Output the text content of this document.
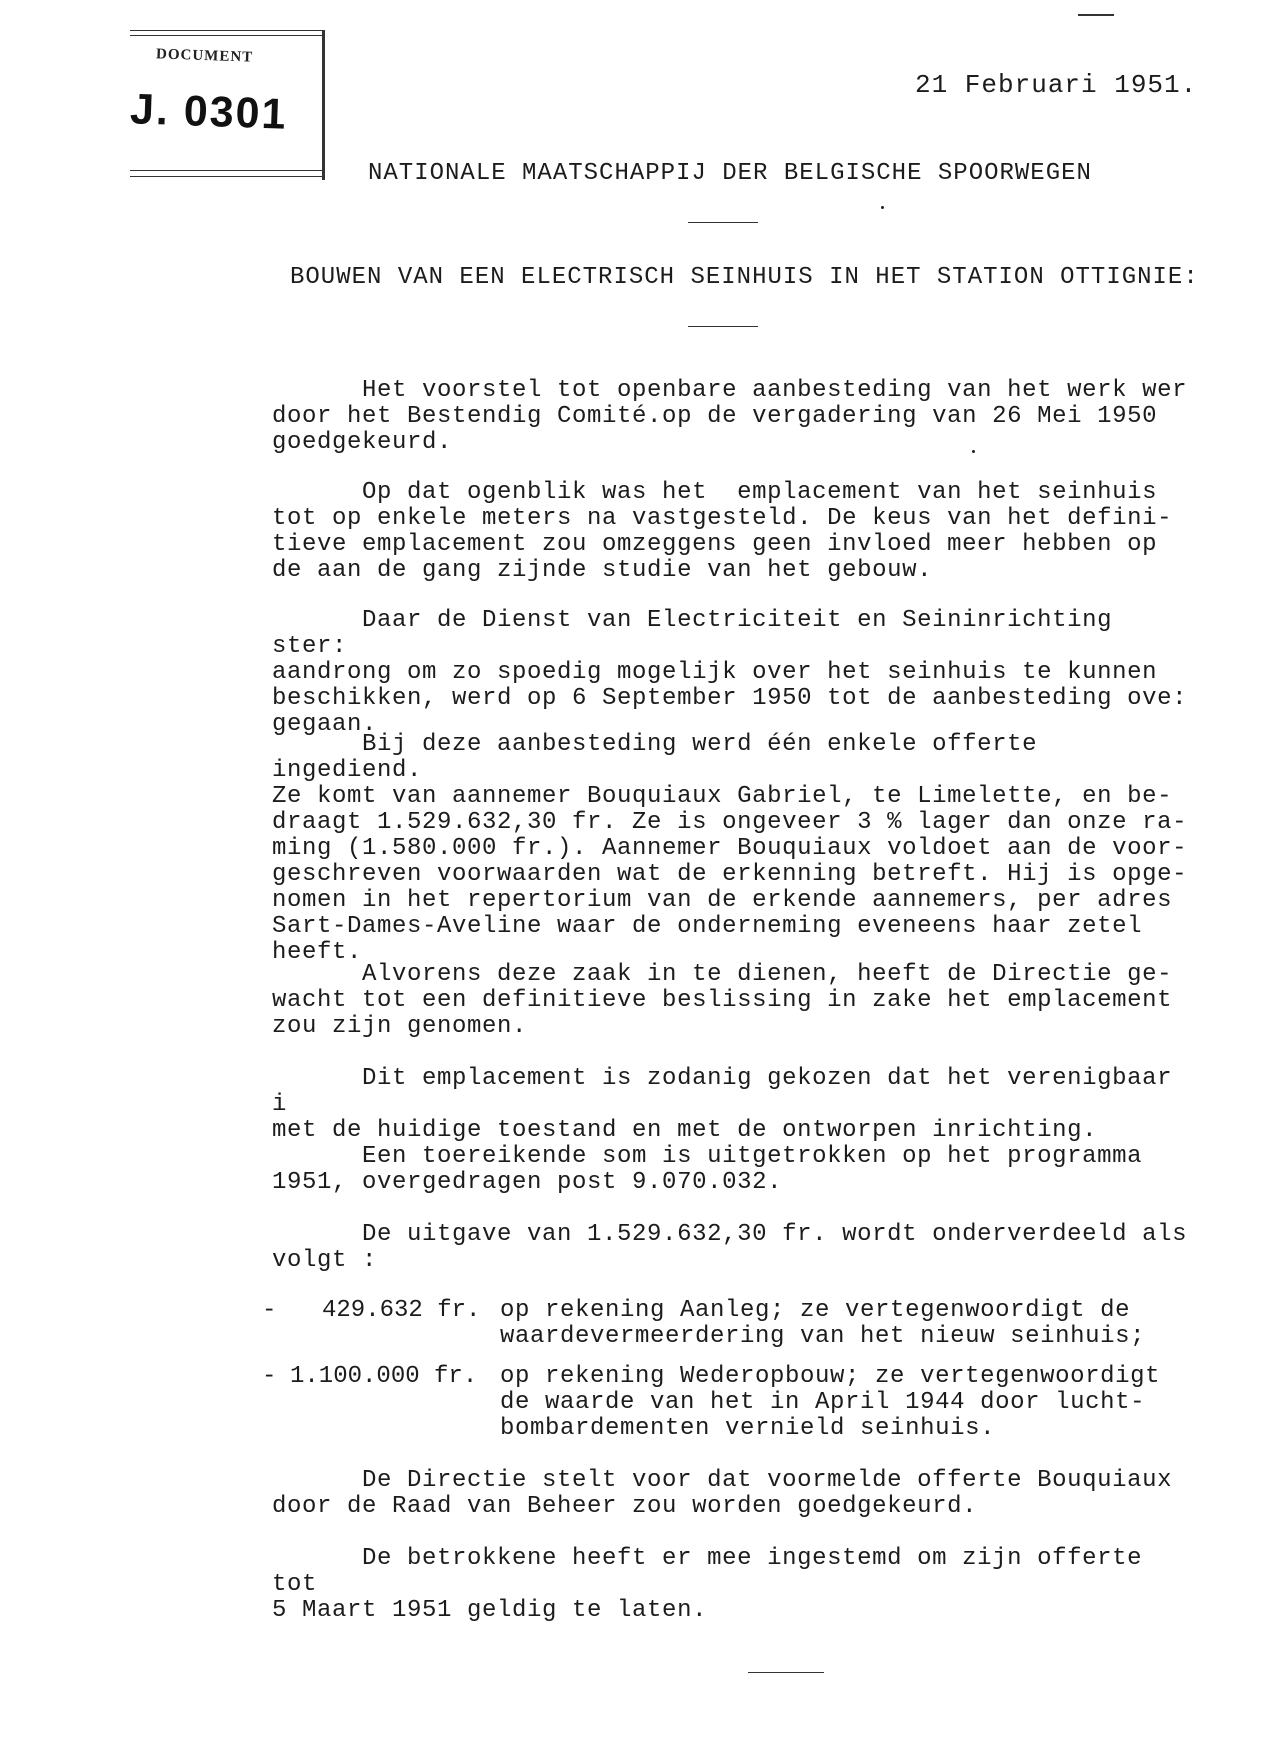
DOCUMENT
J. 0301
21 Februari 1951.
NATIONALE MAATSCHAPPIJ DER BELGISCHE SPOORWEGEN
BOUWEN VAN EEN ELECTRISCH SEINHUIS IN HET STATION OTTIGNIE:

Het voorstel tot openbare aanbesteding van het werk wer
door het Bestendig Comité.op de vergadering van 26 Mei 1950
goedgekeurd.

Op dat ogenblik was het  emplacement van het seinhuis
tot op enkele meters na vastgesteld. De keus van het defini-
tieve emplacement zou omzeggens geen invloed meer hebben op
de aan de gang zijnde studie van het gebouw.

Daar de Dienst van Electriciteit en Seininrichting ster:
aandrong om zo spoedig mogelijk over het seinhuis te kunnen
beschikken, werd op 6 September 1950 tot de aanbesteding ove:
gegaan.

Bij deze aanbesteding werd één enkele offerte ingediend.
Ze komt van aannemer Bouquiaux Gabriel, te Limelette, en be-
draagt 1.529.632,30 fr. Ze is ongeveer 3 % lager dan onze ra-
ming (1.580.000 fr.). Aannemer Bouquiaux voldoet aan de voor-
geschreven voorwaarden wat de erkenning betreft. Hij is opge-
nomen in het repertorium van de erkende aannemers, per adres
Sart-Dames-Aveline waar de onderneming eveneens haar zetel
heeft.

Alvorens deze zaak in te dienen, heeft de Directie ge-
wacht tot een definitieve beslissing in zake het emplacement
zou zijn genomen.

Dit emplacement is zodanig gekozen dat het verenigbaar i
met de huidige toestand en met de ontworpen inrichting.

Een toereikende som is uitgetrokken op het programma
1951, overgedragen post 9.070.032.

De uitgave van 1.529.632,30 fr. wordt onderverdeeld als
volgt :

- 429.632 fr. op rekening Aanleg; ze vertegenwoordigt de
waardevermeerdering van het nieuw seinhuis;

- 1.100.000 fr. op rekening Wederopbouw; ze vertegenwoordigt
de waarde van het in April 1944 door lucht-
bombardementen vernield seinhuis.

De Directie stelt voor dat voormelde offerte Bouquiaux
door de Raad van Beheer zou worden goedgekeurd.

De betrokkene heeft er mee ingestemd om zijn offerte tot
5 Maart 1951 geldig te laten.
